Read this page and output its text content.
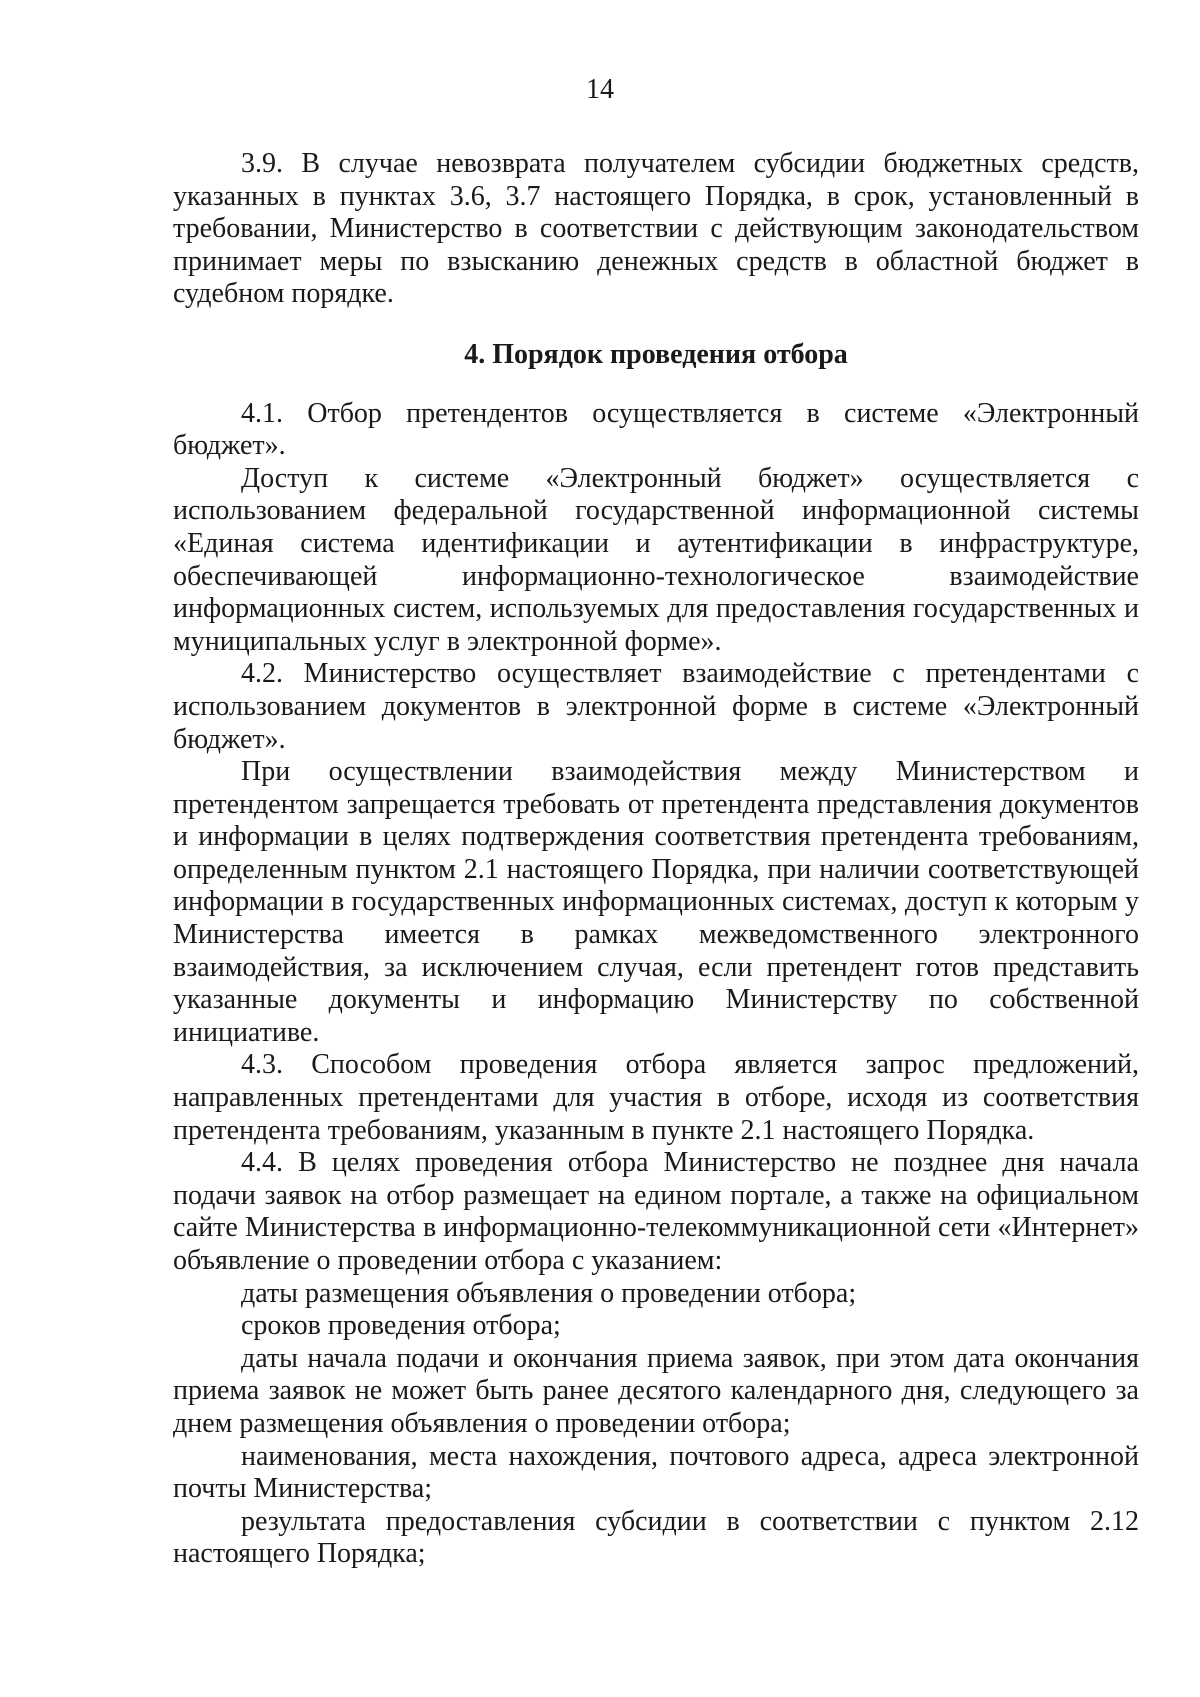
14

3.9. В случае невозврата получателем субсидии бюджетных средств, указанных в пунктах 3.6, 3.7 настоящего Порядка, в срок, установленный в требовании, Министерство в соответствии с действующим законодательством принимает меры по взысканию денежных средств в областной бюджет в судебном порядке.

4. Порядок проведения отбора

4.1. Отбор претендентов осуществляется в системе «Электронный бюджет».

Доступ к системе «Электронный бюджет» осуществляется с использованием федеральной государственной информационной системы «Единая система идентификации и аутентификации в инфраструктуре, обеспечивающей информационно-технологическое взаимодействие информационных систем, используемых для предоставления государственных и муниципальных услуг в электронной форме».

4.2. Министерство осуществляет взаимодействие с претендентами с использованием документов в электронной форме в системе «Электронный бюджет».

При осуществлении взаимодействия между Министерством и претендентом запрещается требовать от претендента представления документов и информации в целях подтверждения соответствия претендента требованиям, определенным пунктом 2.1 настоящего Порядка, при наличии соответствующей информации в государственных информационных системах, доступ к которым у Министерства имеется в рамках межведомственного электронного взаимодействия, за исключением случая, если претендент готов представить указанные документы и информацию Министерству по собственной инициативе.

4.3. Способом проведения отбора является запрос предложений, направленных претендентами для участия в отборе, исходя из соответствия претендента требованиям, указанным в пункте 2.1 настоящего Порядка.

4.4. В целях проведения отбора Министерство не позднее дня начала подачи заявок на отбор размещает на едином портале, а также на официальном сайте Министерства в информационно-телекоммуникационной сети «Интернет» объявление о проведении отбора с указанием:

даты размещения объявления о проведении отбора;

сроков проведения отбора;

даты начала подачи и окончания приема заявок, при этом дата окончания приема заявок не может быть ранее десятого календарного дня, следующего за днем размещения объявления о проведении отбора;

наименования, места нахождения, почтового адреса, адреса электронной почты Министерства;

результата предоставления субсидии в соответствии с пунктом 2.12 настоящего Порядка;
